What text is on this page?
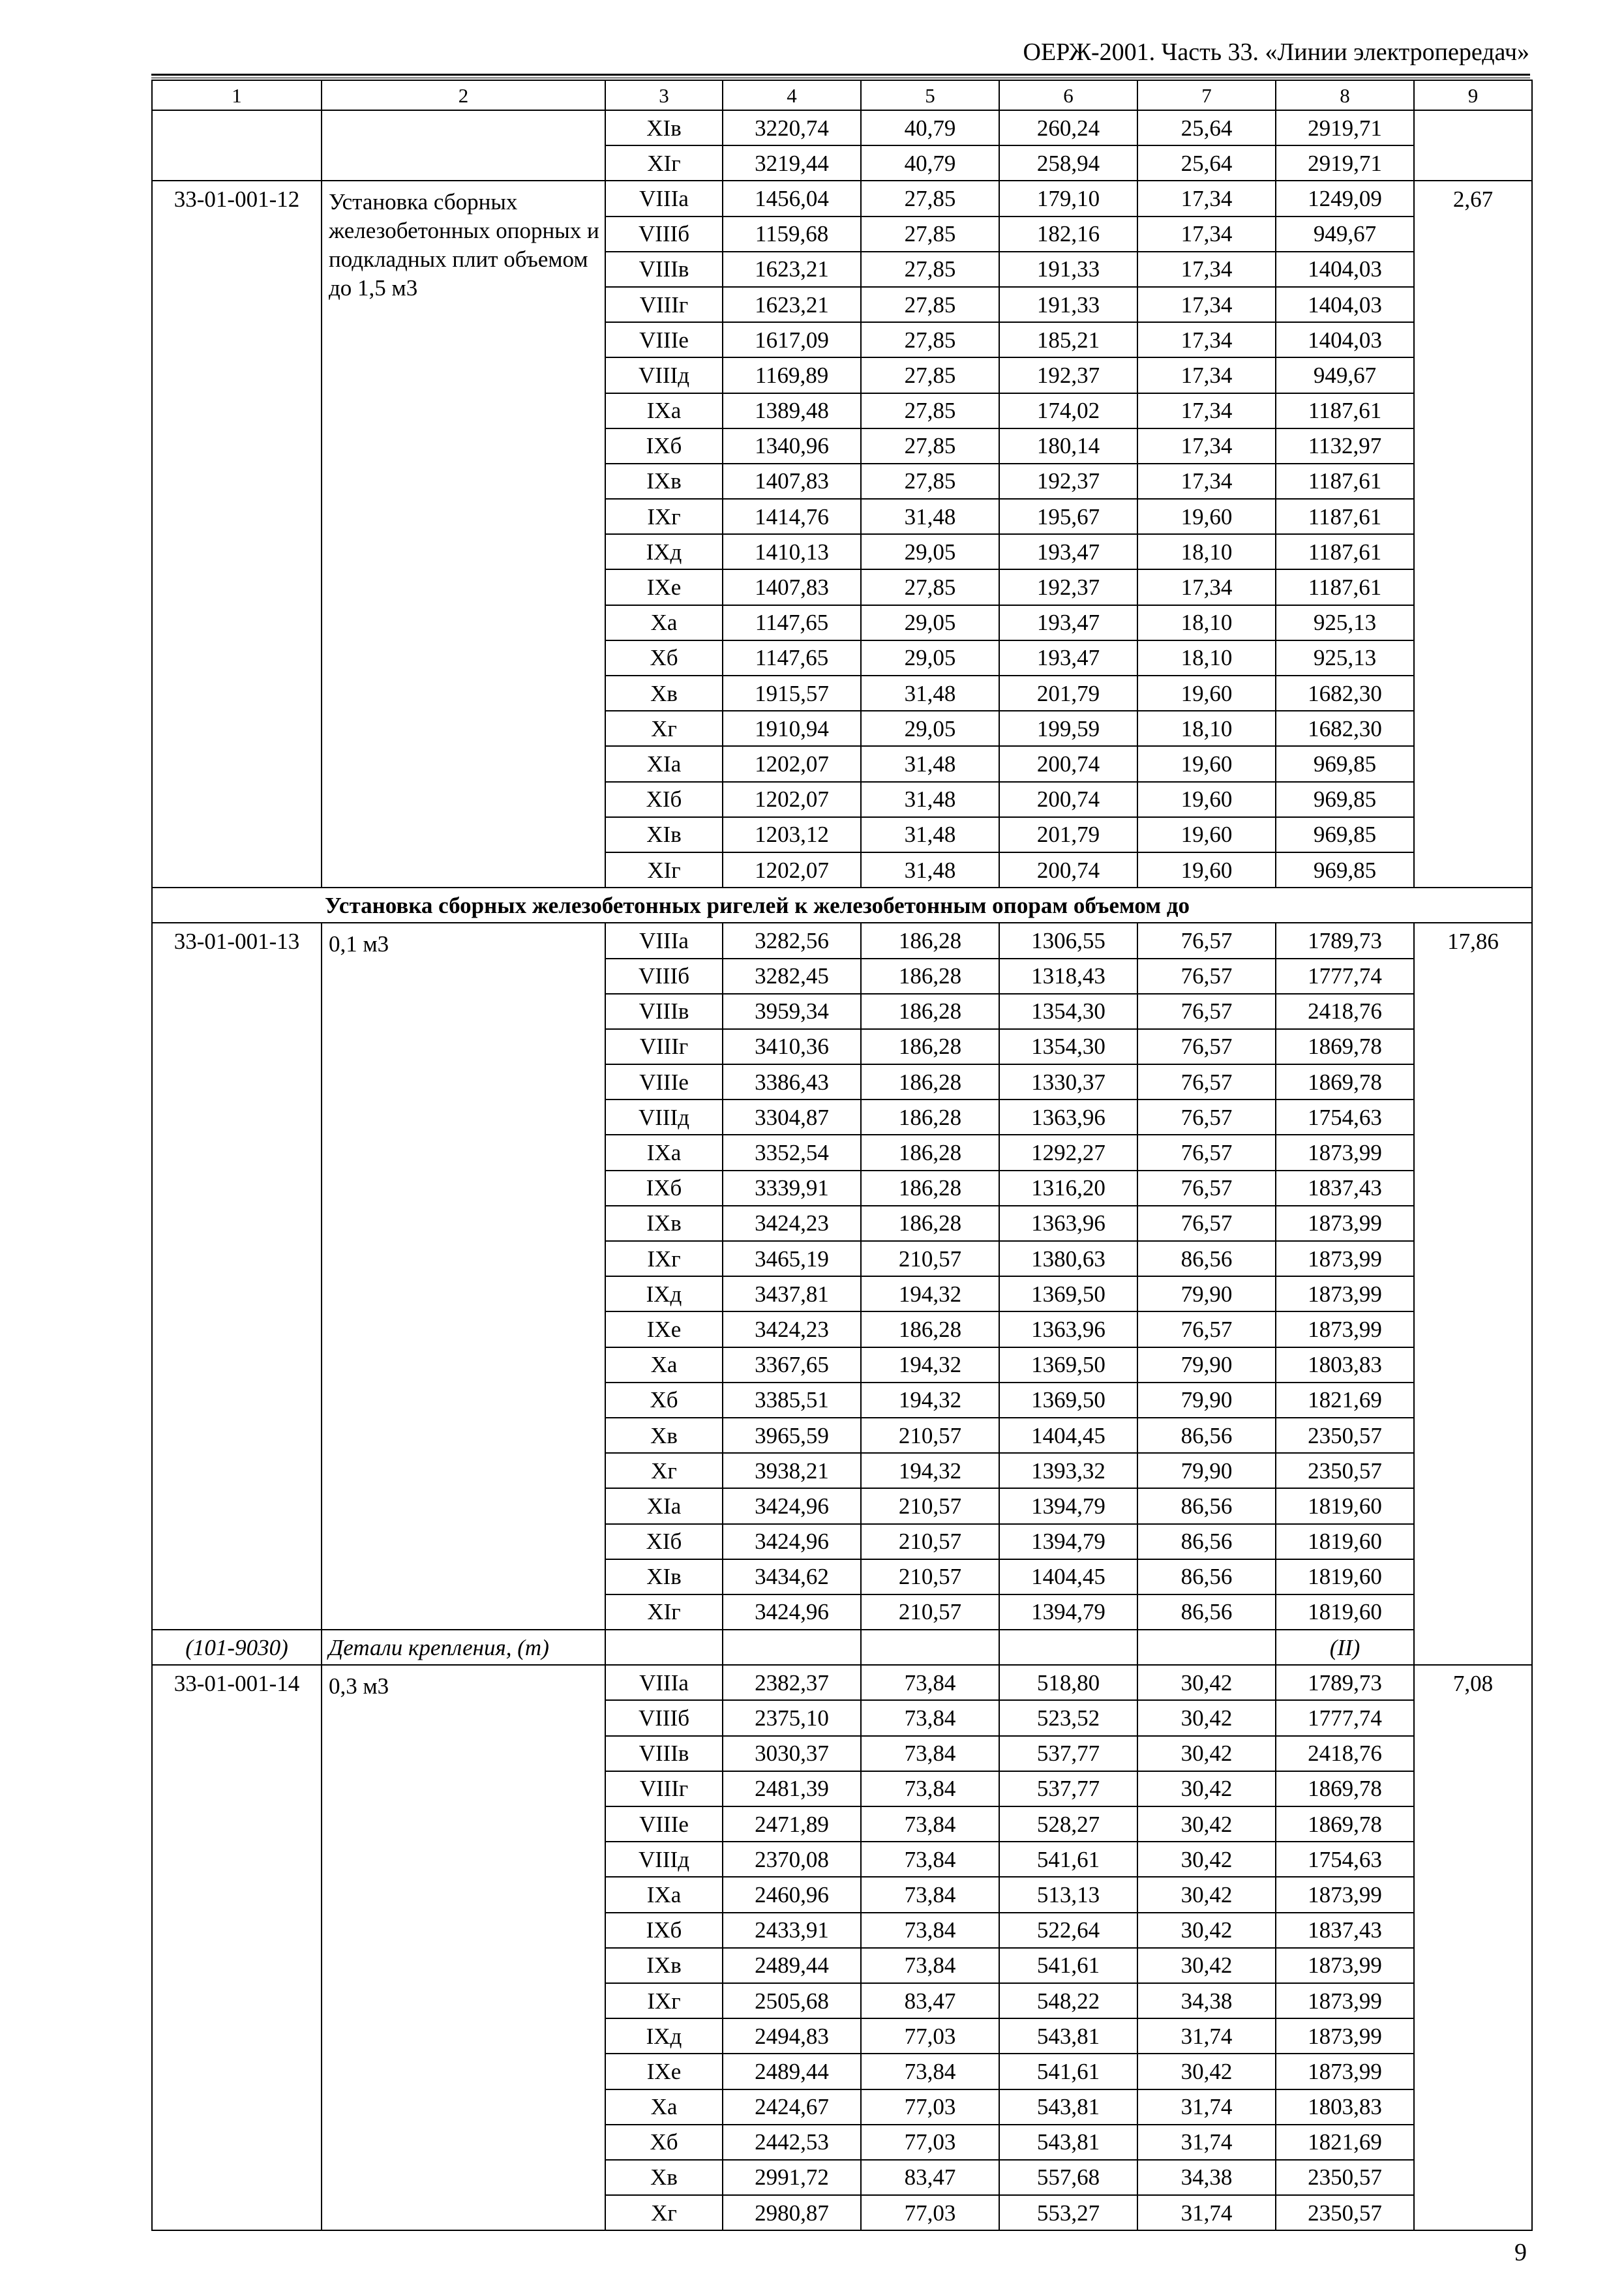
ОЕРЖ-2001. Часть 33. «Линии электропередач»
1	2	3	4	5	6	7	8	9
		XIв	3220,74	40,79	260,24	25,64	2919,71	
		XIг	3219,44	40,79	258,94	25,64	2919,71	
33-01-001-12	Установка сборных железобетонных опорных и подкладных плит объемом до 1,5 м3	VIIIа	1456,04	27,85	179,10	17,34	1249,09	2,67
		VIIIб	1159,68	27,85	182,16	17,34	949,67	
		VIIIв	1623,21	27,85	191,33	17,34	1404,03	
		VIIIг	1623,21	27,85	191,33	17,34	1404,03	
		VIIIе	1617,09	27,85	185,21	17,34	1404,03	
		VIIIд	1169,89	27,85	192,37	17,34	949,67	
		IXа	1389,48	27,85	174,02	17,34	1187,61	
		IXб	1340,96	27,85	180,14	17,34	1132,97	
		IXв	1407,83	27,85	192,37	17,34	1187,61	
		IXг	1414,76	31,48	195,67	19,60	1187,61	
		IXд	1410,13	29,05	193,47	18,10	1187,61	
		IXе	1407,83	27,85	192,37	17,34	1187,61	
		Xа	1147,65	29,05	193,47	18,10	925,13	
		Xб	1147,65	29,05	193,47	18,10	925,13	
		Xв	1915,57	31,48	201,79	19,60	1682,30	
		Xг	1910,94	29,05	199,59	18,10	1682,30	
		XIа	1202,07	31,48	200,74	19,60	969,85	
		XIб	1202,07	31,48	200,74	19,60	969,85	
		XIв	1203,12	31,48	201,79	19,60	969,85	
		XIг	1202,07	31,48	200,74	19,60	969,85	
Установка сборных железобетонных ригелей к железобетонным опорам объемом до								
33-01-001-13	0,1 м3	VIIIа	3282,56	186,28	1306,55	76,57	1789,73	17,86
		VIIIб	3282,45	186,28	1318,43	76,57	1777,74	
		VIIIв	3959,34	186,28	1354,30	76,57	2418,76	
		VIIIг	3410,36	186,28	1354,30	76,57	1869,78	
		VIIIе	3386,43	186,28	1330,37	76,57	1869,78	
		VIIIд	3304,87	186,28	1363,96	76,57	1754,63	
		IXа	3352,54	186,28	1292,27	76,57	1873,99	
		IXб	3339,91	186,28	1316,20	76,57	1837,43	
		IXв	3424,23	186,28	1363,96	76,57	1873,99	
		IXг	3465,19	210,57	1380,63	86,56	1873,99	
		IXд	3437,81	194,32	1369,50	79,90	1873,99	
		IXе	3424,23	186,28	1363,96	76,57	1873,99	
		Xа	3367,65	194,32	1369,50	79,90	1803,83	
		Xб	3385,51	194,32	1369,50	79,90	1821,69	
		Xв	3965,59	210,57	1404,45	86,56	2350,57	
		Xг	3938,21	194,32	1393,32	79,90	2350,57	
		XIа	3424,96	210,57	1394,79	86,56	1819,60	
		XIб	3424,96	210,57	1394,79	86,56	1819,60	
		XIв	3434,62	210,57	1404,45	86,56	1819,60	
		XIг	3424,96	210,57	1394,79	86,56	1819,60	
(101-9030)	Детали крепления, (т)						(II)	
33-01-001-14	0,3 м3	VIIIа	2382,37	73,84	518,80	30,42	1789,73	7,08
		VIIIб	2375,10	73,84	523,52	30,42	1777,74	
		VIIIв	3030,37	73,84	537,77	30,42	2418,76	
		VIIIг	2481,39	73,84	537,77	30,42	1869,78	
		VIIIе	2471,89	73,84	528,27	30,42	1869,78	
		VIIIд	2370,08	73,84	541,61	30,42	1754,63	
		IXа	2460,96	73,84	513,13	30,42	1873,99	
		IXб	2433,91	73,84	522,64	30,42	1837,43	
		IXв	2489,44	73,84	541,61	30,42	1873,99	
		IXг	2505,68	83,47	548,22	34,38	1873,99	
		IXд	2494,83	77,03	543,81	31,74	1873,99	
		IXе	2489,44	73,84	541,61	30,42	1873,99	
		Xа	2424,67	77,03	543,81	31,74	1803,83	
		Xб	2442,53	77,03	543,81	31,74	1821,69	
		Xв	2991,72	83,47	557,68	34,38	2350,57	
		Xг	2980,87	77,03	553,27	31,74	2350,57	
9
